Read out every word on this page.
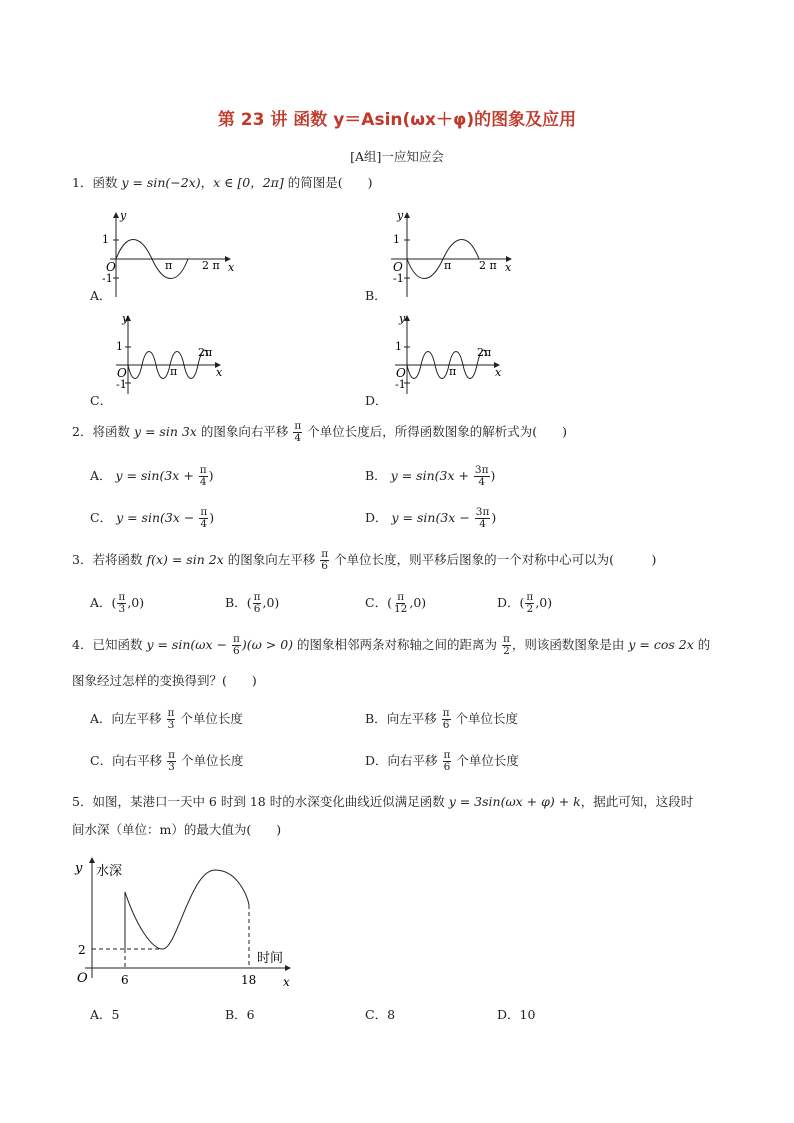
第 23 讲 函数 y＝Asin(ωx＋φ)的图象及应用
[A组]一应知应会
1．函数 y = sin(−2x)，x ∈ [0，2π] 的简图是(　　)
y
1
-1
O	π	2 π x
A．
y
1
-1
O	π	2 π x
B．
y
1
-1
O	π
2π
x
C．
y
1
-1
O	π
2π
x
D．
2．将函数 y = sin 3x 的图象向右平移 $\frac{\pi}{4}$ 个单位长度后，所得函数图象的解析式为(　　)
A． $y = \sin(3x + \frac{\pi}{4}$ )	B． $y = \sin(3x + \frac{3\pi}{4}$ )
C． $y = \sin(3x - \frac{\pi}{4}$ )	D． $y = \sin(3x - \frac{3\pi}{4}$ )
3．若将函数 f(x) = sin 2x 的图象向左平移 $\frac{\pi}{6}$ 个单位长度，则平移后图象的一个对称中心可以为(　　　)
A．( $\frac{\pi}{3} ,0$)	B．( $\frac{\pi}{6} ,0$)	C．( $\frac{\pi}{12} ,0$)	D．( $\frac{\pi}{2} ,0$)
4．已知函数 $y = \sin(\omega x - \frac{\pi}{6} )(\omega > 0)$ 的图象相邻两条对称轴之间的距离为 $\frac{\pi}{2}$ ，则该函数图象是由 y = cos 2x 的
图象经过怎样的变换得到？(　　)
A．向左平移 $\frac{\pi}{3}$ 个单位长度	B．向左平移 $\frac{\pi}{6}$ 个单位长度
C．向右平移 $\frac{\pi}{3}$ 个单位长度	D．向右平移 $\frac{\pi}{6}$ 个单位长度
5．如图，某港口一天中 6 时到 18 时的水深变化曲线近似满足函数 y = 3sin(ωx + φ) + k，据此可知，这段时
间水深（单位：m）的最大值为(　　)
y 水深
2
O	6	18
时间
x
A．5	B．6	C．8	D．10
